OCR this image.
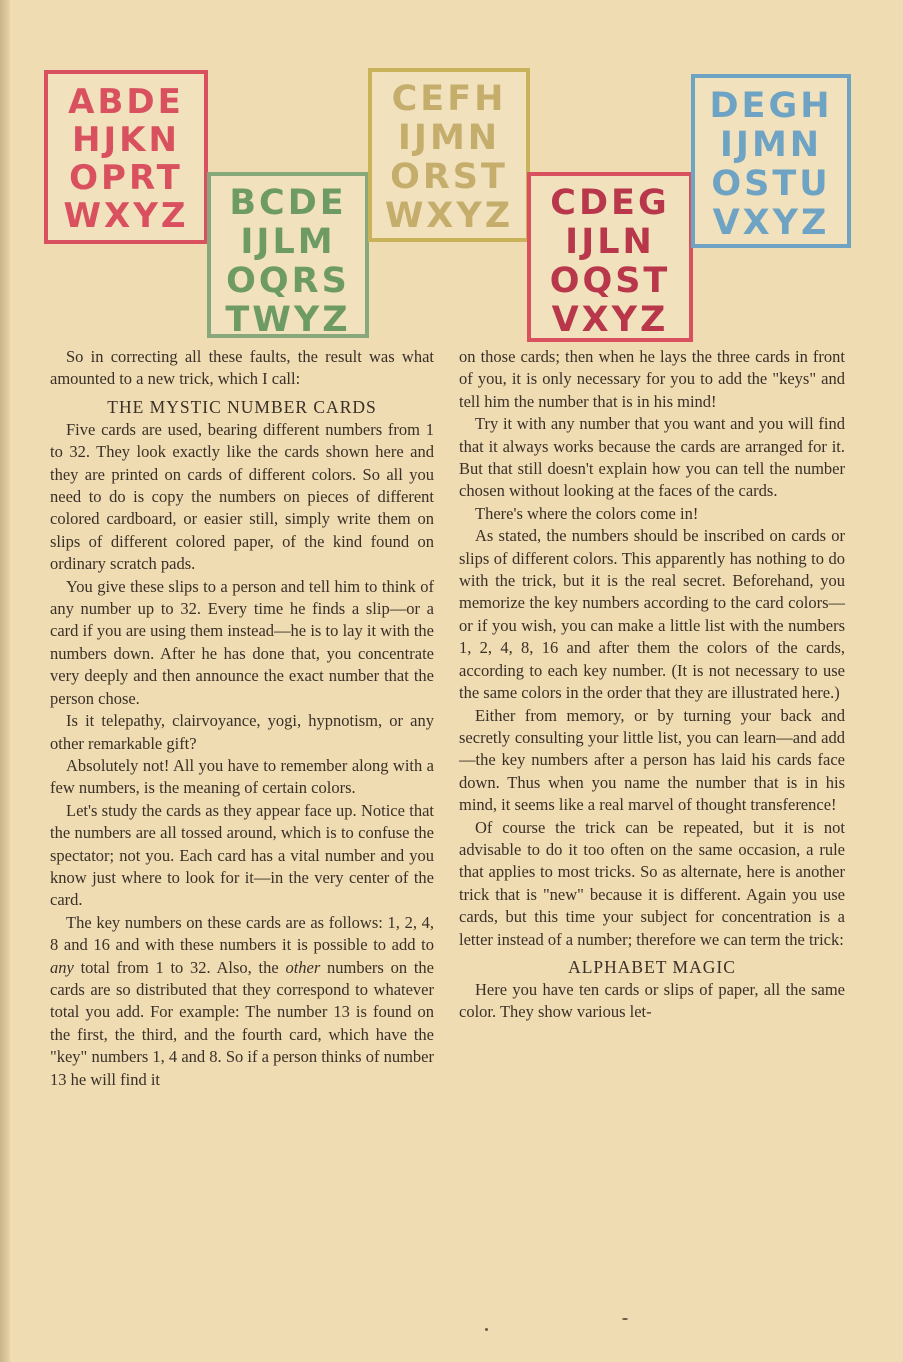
ABDE
HJKN
OPRT
WXYZ	BCDE
IJLM
OQRS
TWYZ
CEFH
IJMN
ORST
WXYZ	CDEG
IJLN
OQST
VXYZ
DEGH
IJMN
OSTU
VXYZ

So in correcting all these faults, the result was what amounted to a new trick, which I call:

THE MYSTIC NUMBER CARDS

Five cards are used, bearing different numbers from 1 to 32. They look exactly like the cards shown here and they are printed on cards of different colors. So all you need to do is copy the numbers on pieces of different colored cardboard, or easier still, simply write them on slips of different colored paper, of the kind found on ordinary scratch pads.

You give these slips to a person and tell him to think of any number up to 32. Every time he finds a slip—or a card if you are using them instead—he is to lay it with the numbers down. After he has done that, you concentrate very deeply and then announce the exact number that the person chose.

Is it telepathy, clairvoyance, yogi, hypnotism, or any other remarkable gift?

Absolutely not! All you have to remember along with a few numbers, is the meaning of certain colors.

Let's study the cards as they appear face up. Notice that the numbers are all tossed around, which is to confuse the spectator; not you. Each card has a vital number and you know just where to look for it—in the very center of the card.

The key numbers on these cards are as follows: 1, 2, 4, 8 and 16 and with these numbers it is possible to add to any total from 1 to 32. Also, the other numbers on the cards are so distributed that they correspond to whatever total you add. For example: The number 13 is found on the first, the third, and the fourth card, which have the "key" numbers 1, 4 and 8. So if a person thinks of number 13 he will find it

on those cards; then when he lays the three cards in front of you, it is only necessary for you to add the "keys" and tell him the number that is in his mind!

Try it with any number that you want and you will find that it always works because the cards are arranged for it. But that still doesn't explain how you can tell the number chosen without looking at the faces of the cards.

There's where the colors come in!

As stated, the numbers should be inscribed on cards or slips of different colors. This apparently has nothing to do with the trick, but it is the real secret. Beforehand, you memorize the key numbers according to the card colors—or if you wish, you can make a little list with the numbers 1, 2, 4, 8, 16 and after them the colors of the cards, according to each key number. (It is not necessary to use the same colors in the order that they are illustrated here.)

Either from memory, or by turning your back and secretly consulting your little list, you can learn—and add—the key numbers after a person has laid his cards face down. Thus when you name the number that is in his mind, it seems like a real marvel of thought transference!

Of course the trick can be repeated, but it is not advisable to do it too often on the same occasion, a rule that applies to most tricks. So as alternate, here is another trick that is "new" because it is different. Again you use cards, but this time your subject for concentration is a letter instead of a number; therefore we can term the trick:

ALPHABET MAGIC

Here you have ten cards or slips of paper, all the same color. They show various let-
